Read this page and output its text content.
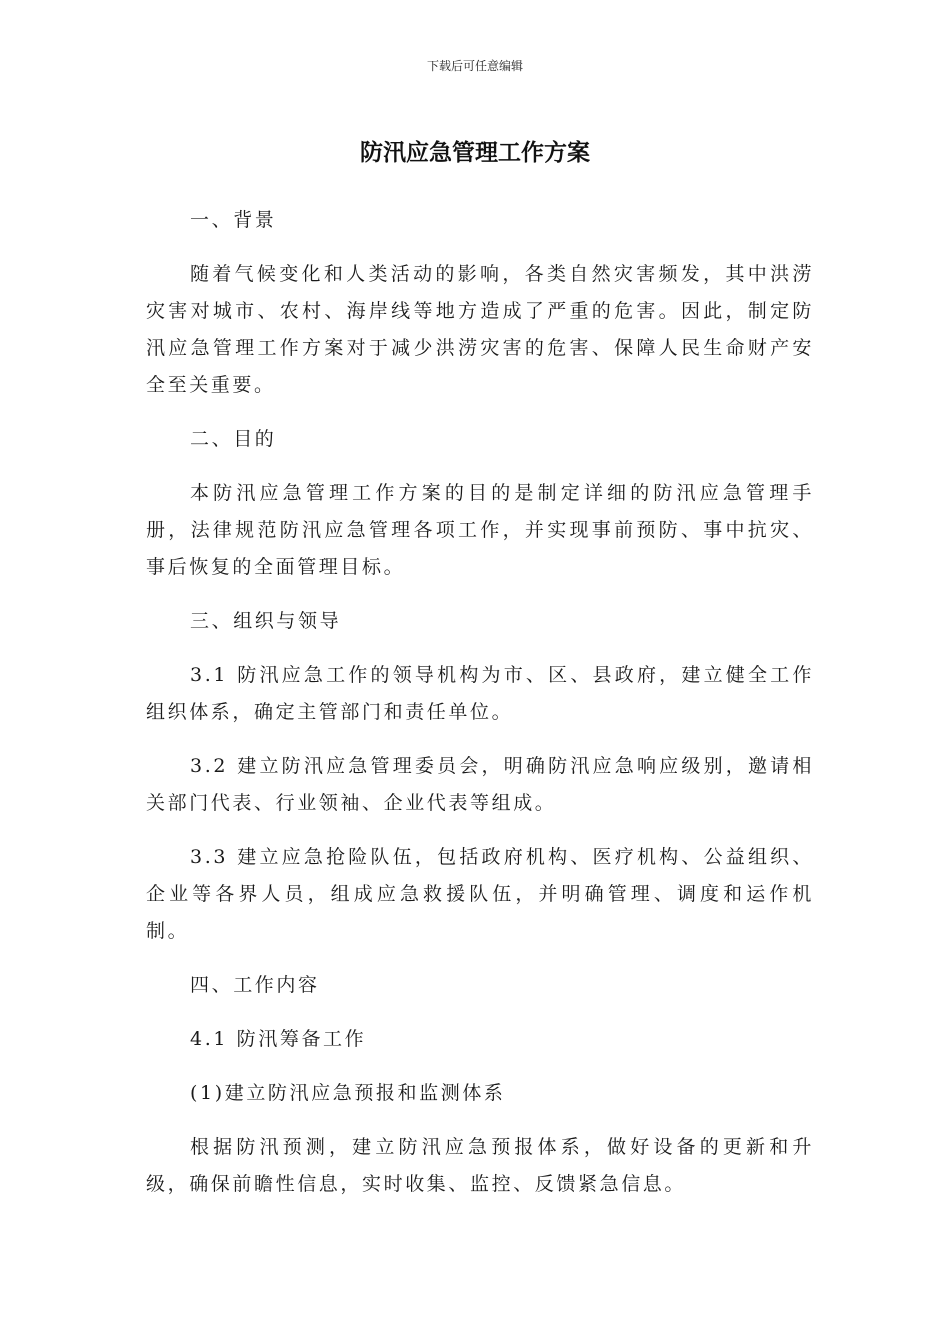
下载后可任意编辑
防汛应急管理工作方案

一、背景

随着气候变化和人类活动的影响，各类自然灾害频发，其中洪涝灾害对城市、农村、海岸线等地方造成了严重的危害。因此，制定防汛应急管理工作方案对于减少洪涝灾害的危害、保障人民生命财产安全至关重要。

二、目的

本防汛应急管理工作方案的目的是制定详细的防汛应急管理手册，法律规范防汛应急管理各项工作，并实现事前预防、事中抗灾、事后恢复的全面管理目标。

三、组织与领导

3.1 防汛应急工作的领导机构为市、区、县政府，建立健全工作组织体系，确定主管部门和责任单位。

3.2 建立防汛应急管理委员会，明确防汛应急响应级别，邀请相关部门代表、行业领袖、企业代表等组成。

3.3 建立应急抢险队伍，包括政府机构、医疗机构、公益组织、企业等各界人员，组成应急救援队伍，并明确管理、调度和运作机制。

四、工作内容

4.1 防汛筹备工作

(1)建立防汛应急预报和监测体系

根据防汛预测，建立防汛应急预报体系，做好设备的更新和升级，确保前瞻性信息，实时收集、监控、反馈紧急信息。
